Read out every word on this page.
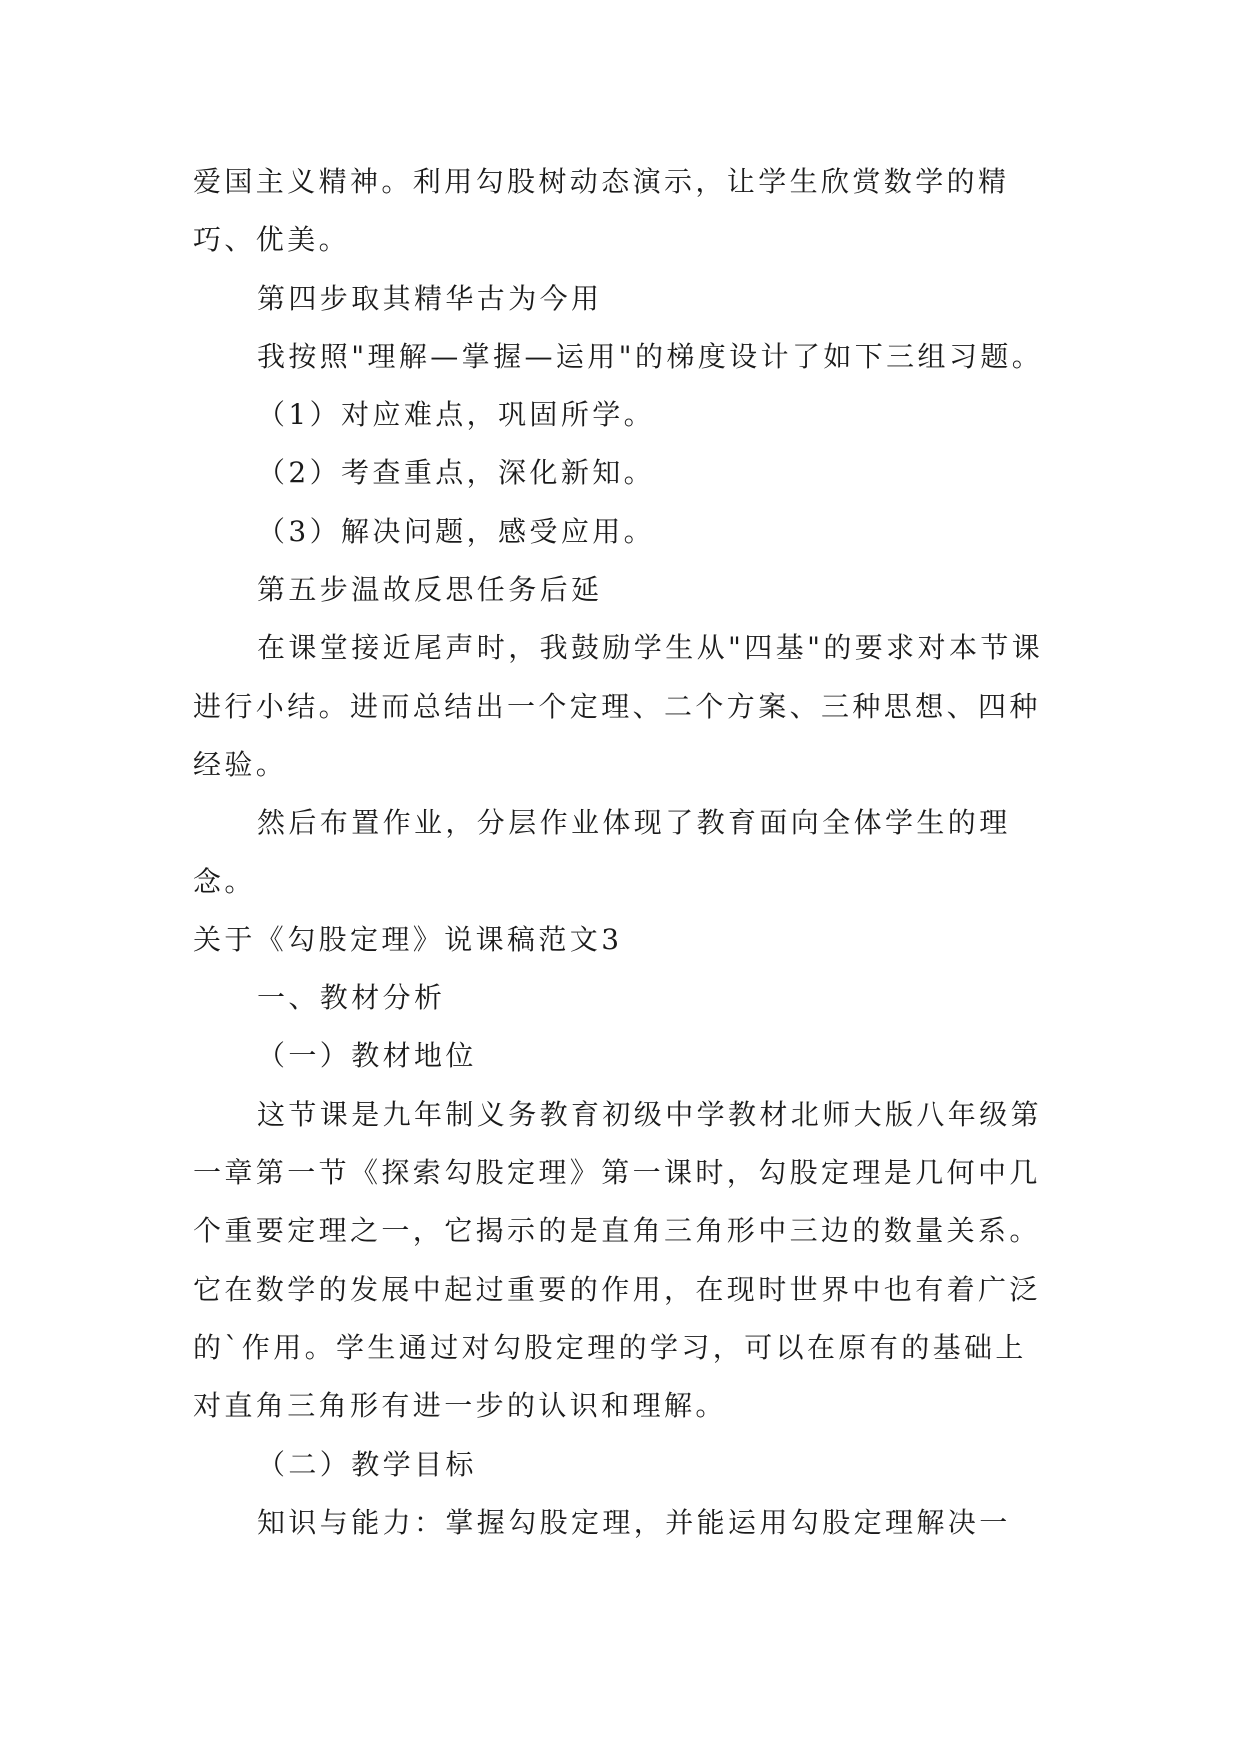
爱国主义精神。利用勾股树动态演示，让学生欣赏数学的精巧、优美。

第四步取其精华古为今用

我按照"理解—掌握—运用"的梯度设计了如下三组习题。

（1）对应难点，巩固所学。

（2）考查重点，深化新知。

（3）解决问题，感受应用。

第五步温故反思任务后延

在课堂接近尾声时，我鼓励学生从"四基"的要求对本节课进行小结。进而总结出一个定理、二个方案、三种思想、四种经验。

然后布置作业，分层作业体现了教育面向全体学生的理念。

关于《勾股定理》说课稿范文3

一、教材分析

（一）教材地位

这节课是九年制义务教育初级中学教材北师大版八年级第一章第一节《探索勾股定理》第一课时，勾股定理是几何中几个重要定理之一，它揭示的是直角三角形中三边的数量关系。它在数学的发展中起过重要的作用，在现时世界中也有着广泛的`作用。学生通过对勾股定理的学习，可以在原有的基础上对直角三角形有进一步的认识和理解。

（二）教学目标

知识与能力：掌握勾股定理，并能运用勾股定理解决一
